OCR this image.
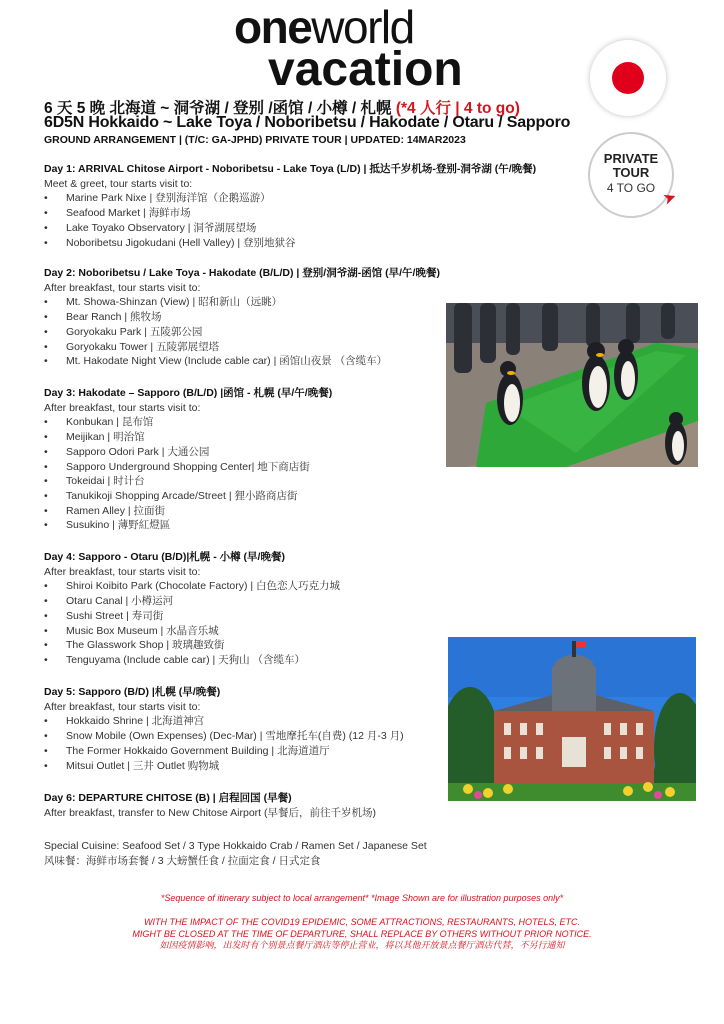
oneworld
vacation
PRIVATE
TOUR
4 TO GO
➤
6 天 5 晚 北海道 ~ 洞爷湖 / 登别 /函馆 / 小樽 / 札幌 (*4 人行 | 4 to go)
6D5N Hokkaido ~ Lake Toya / Noboribetsu / Hakodate / Otaru / Sapporo
GROUND ARRANGEMENT | (T/C: GA-JPHD) PRIVATE TOUR | UPDATED: 14MAR2023
Day 1: ARRIVAL Chitose Airport - Noboribetsu - Lake Toya (L/D) | 抵达千岁机场-登别-洞爷湖 (午/晚餐)
Meet & greet, tour starts visit to:
• Marine Park Nixe | 登别海洋馆（企鹅巡游）
• Seafood Market | 海鲜市场
• Lake Toyako Observatory | 洞爷湖展望场
• Noboribetsu Jigokudani (Hell Valley) | 登别地狱谷
Day 2: Noboribetsu / Lake Toya - Hakodate (B/L/D) | 登别/洞爷湖-函馆 (早/午/晚餐)
After breakfast, tour starts visit to:
• Mt. Showa-Shinzan (View) | 昭和新山（远眺）
• Bear Ranch | 熊牧场
• Goryokaku Park | 五陵郭公园
• Goryokaku Tower | 五陵郭展望塔
• Mt. Hakodate Night View (Include cable car) | 函馆山夜景 （含缆车）
Day 3: Hakodate – Sapporo (B/L/D) |函馆 - 札幌 (早/午/晚餐)
After breakfast, tour starts visit to:
• Konbukan | 昆布馆
• Meijikan | 明治馆
• Sapporo Odori Park | 大通公园
• Sapporo Underground Shopping Center| 地下商店街
• Tokeidai | 时计台
• Tanukikoji Shopping Arcade/Street | 狸小路商店街
• Ramen Alley | 拉面街
• Susukino | 薄野紅燈區
Day 4: Sapporo - Otaru (B/D)|札幌 - 小樽 (早/晚餐)
After breakfast, tour starts visit to:
• Shiroi Koibito Park (Chocolate Factory) | 白色恋人巧克力城
• Otaru Canal | 小樽运河
• Sushi Street | 寿司街
• Music Box Museum | 水晶音乐城
• The Glasswork Shop | 玻璃趣致街
• Tenguyama (Include cable car) | 天狗山 （含缆车）
Day 5: Sapporo (B/D) |札幌 (早/晚餐)
After breakfast, tour starts visit to:
• Hokkaido Shrine | 北海道神宫
• Snow Mobile (Own Expenses) (Dec-Mar) | 雪地摩托车(自费) (12 月-3 月)
• The Former Hokkaido Government Building | 北海道道厅
• Mitsui Outlet | 三井 Outlet 购物城
Day 6: DEPARTURE CHITOSE (B) | 启程回国 (早餐)
After breakfast, transfer to New Chitose Airport (早餐后，前往千岁机场)
Special Cuisine: Seafood Set / 3 Type Hokkaido Crab / Ramen Set / Japanese Set
风味餐：海鲜市场套餐 / 3 大螃蟹任食 / 拉面定食 / 日式定食
*Sequence of itinerary subject to local arrangement* *Image Shown are for illustration purposes only*
WITH THE IMPACT OF THE COVID19 EPIDEMIC, SOME ATTRACTIONS, RESTAURANTS, HOTELS, ETC.
MIGHT BE CLOSED AT THE TIME OF DEPARTURE, SHALL REPLACE BY OTHERS WITHOUT PRIOR NOTICE.
如因疫情影响，出发时有个别景点餐厅酒店等停止营业，将以其他开放景点餐厅酒店代替，不另行通知
